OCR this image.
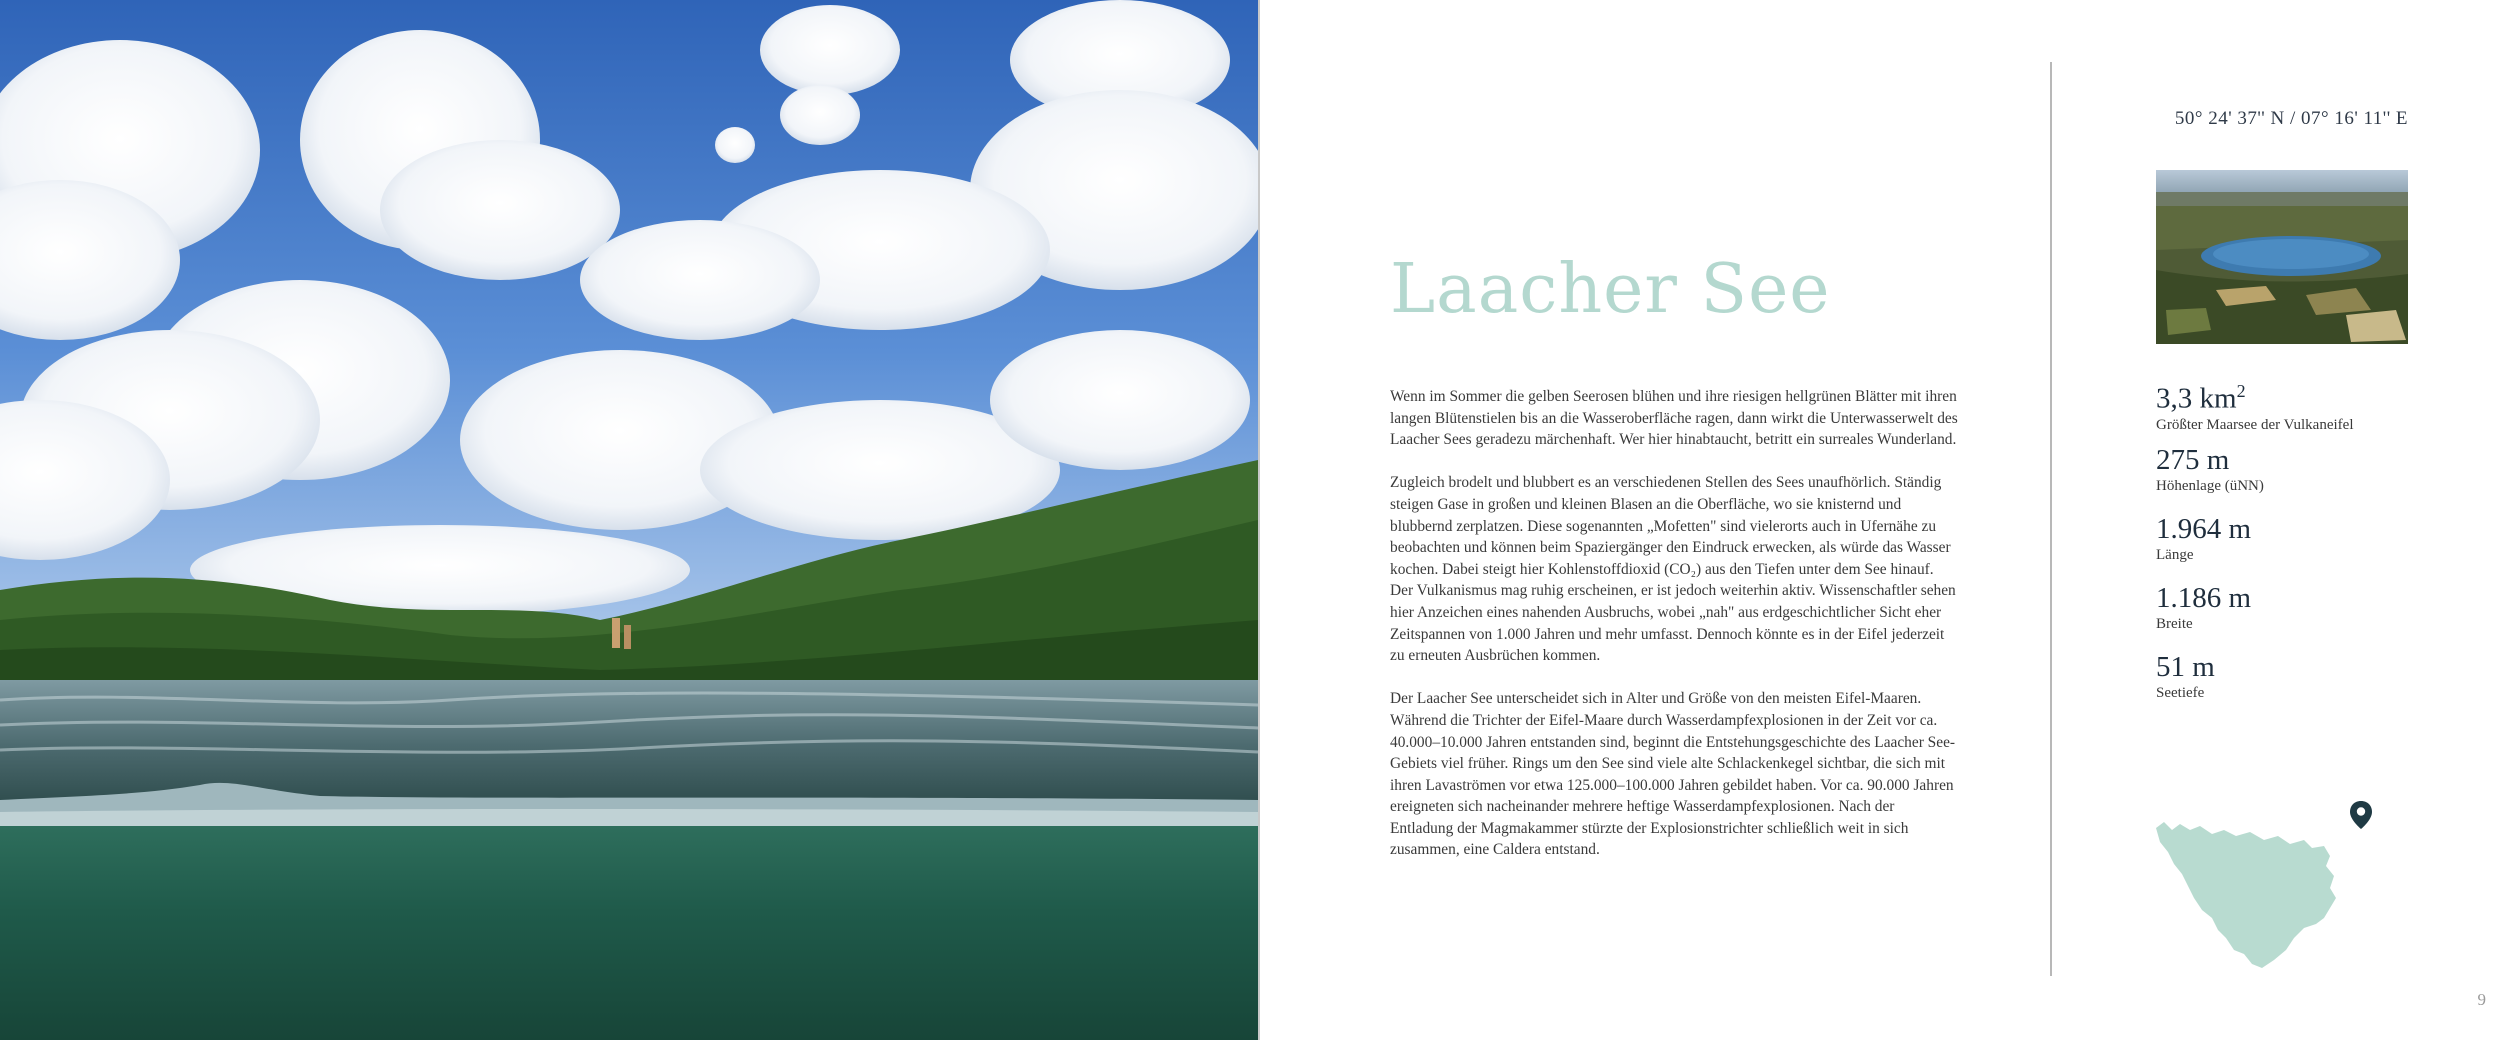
Laacher See

Wenn im Sommer die gelben Seerosen blühen und ihre riesigen hellgrünen Blätter mit ihren langen Blütenstielen bis an die Wasseroberfläche ragen, dann wirkt die Unterwasserwelt des Laacher Sees geradezu märchenhaft. Wer hier hinabtaucht, betritt ein surreales Wunderland.

Zugleich brodelt und blubbert es an verschiedenen Stellen des Sees unaufhörlich. Ständig steigen Gase in großen und kleinen Blasen an die Oberfläche, wo sie knisternd und blubbernd zerplatzen. Diese sogenannten „Mofetten" sind vielerorts auch in Ufernähe zu beobachten und können beim Spaziergänger den Eindruck erwecken, als würde das Wasser kochen. Dabei steigt hier Kohlenstoffdioxid (CO₂) aus den Tiefen unter dem See hinauf. Der Vulkanismus mag ruhig erscheinen, er ist jedoch weiterhin aktiv. Wissenschaftler sehen hier Anzeichen eines nahenden Ausbruchs, wobei „nah" aus erdgeschichtlicher Sicht eher Zeitspannen von 1.000 Jahren und mehr umfasst. Dennoch könnte es in der Eifel jederzeit zu erneuten Ausbrüchen kommen.

Der Laacher See unterscheidet sich in Alter und Größe von den meisten Eifel-Maaren. Während die Trichter der Eifel-Maare durch Wasserdampfexplosionen in der Zeit vor ca. 40.000–10.000 Jahren entstanden sind, beginnt die Entstehungsgeschichte des Laacher See-Gebiets viel früher. Rings um den See sind viele alte Schlackenkegel sichtbar, die sich mit ihren Lavaströmen vor etwa 125.000–100.000 Jahren gebildet haben. Vor ca. 90.000 Jahren ereigneten sich nacheinander mehrere heftige Wasserdampfexplosionen. Nach der Entladung der Magmakammer stürzte der Explosionstrichter schließlich weit in sich zusammen, eine Caldera entstand.

50° 24' 37'' N / 07° 16' 11'' E
3,3 $km^2$
Größter Maarsee der Vulkaneifel
275 m
Höhenlage (üNN)
1.964 m
Länge
1.186 m
Breite
51 m
Seetiefe
9
